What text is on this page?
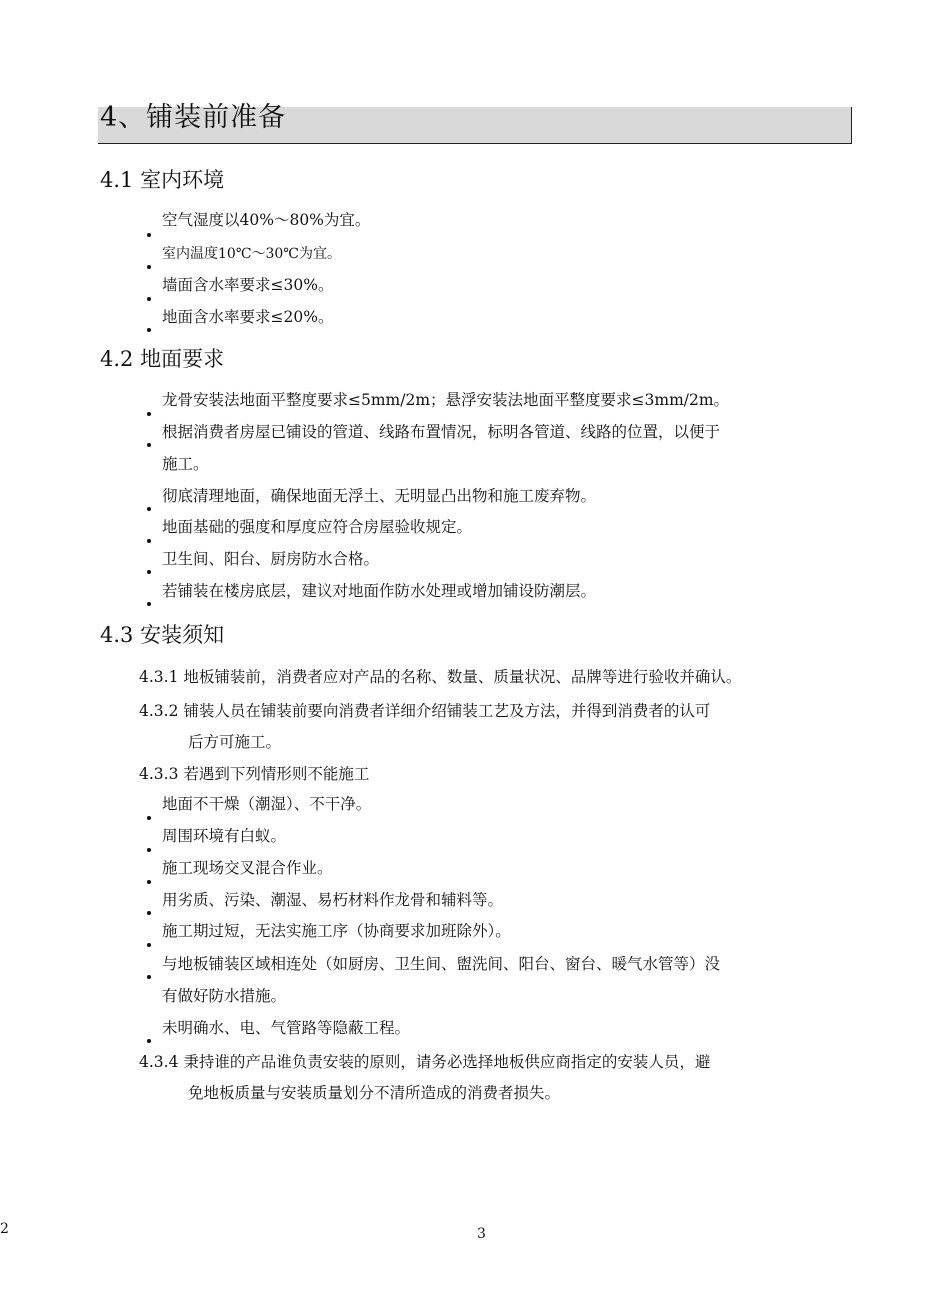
4、铺装前准备
4.1 室内环境
空气湿度以40%～80%为宜。
室内温度10℃～30℃为宜。
墙面含水率要求≤30%。
地面含水率要求≤20%。
4.2 地面要求
龙骨安装法地面平整度要求≤5mm/2m；悬浮安装法地面平整度要求≤3mm/2m。
根据消费者房屋已铺设的管道、线路布置情况，标明各管道、线路的位置，以便于
施工。
彻底清理地面，确保地面无浮土、无明显凸出物和施工废弃物。
地面基础的强度和厚度应符合房屋验收规定。
卫生间、阳台、厨房防水合格。
若铺装在楼房底层，建议对地面作防水处理或增加铺设防潮层。
4.3 安装须知
4.3.1 地板铺装前，消费者应对产品的名称、数量、质量状况、品牌等进行验收并确认。
4.3.2 铺装人员在铺装前要向消费者详细介绍铺装工艺及方法，并得到消费者的认可
后方可施工。
4.3.3 若遇到下列情形则不能施工
地面不干燥（潮湿）、不干净。
周围环境有白蚁。
施工现场交叉混合作业。
用劣质、污染、潮湿、易朽材料作龙骨和辅料等。
施工期过短，无法实施工序（协商要求加班除外）。
与地板铺装区域相连处（如厨房、卫生间、盥洗间、阳台、窗台、暖气水管等）没
有做好防水措施。
未明确水、电、气管路等隐蔽工程。
4.3.4 秉持谁的产品谁负责安装的原则，请务必选择地板供应商指定的安装人员，避
免地板质量与安装质量划分不清所造成的消费者损失。
2	3
